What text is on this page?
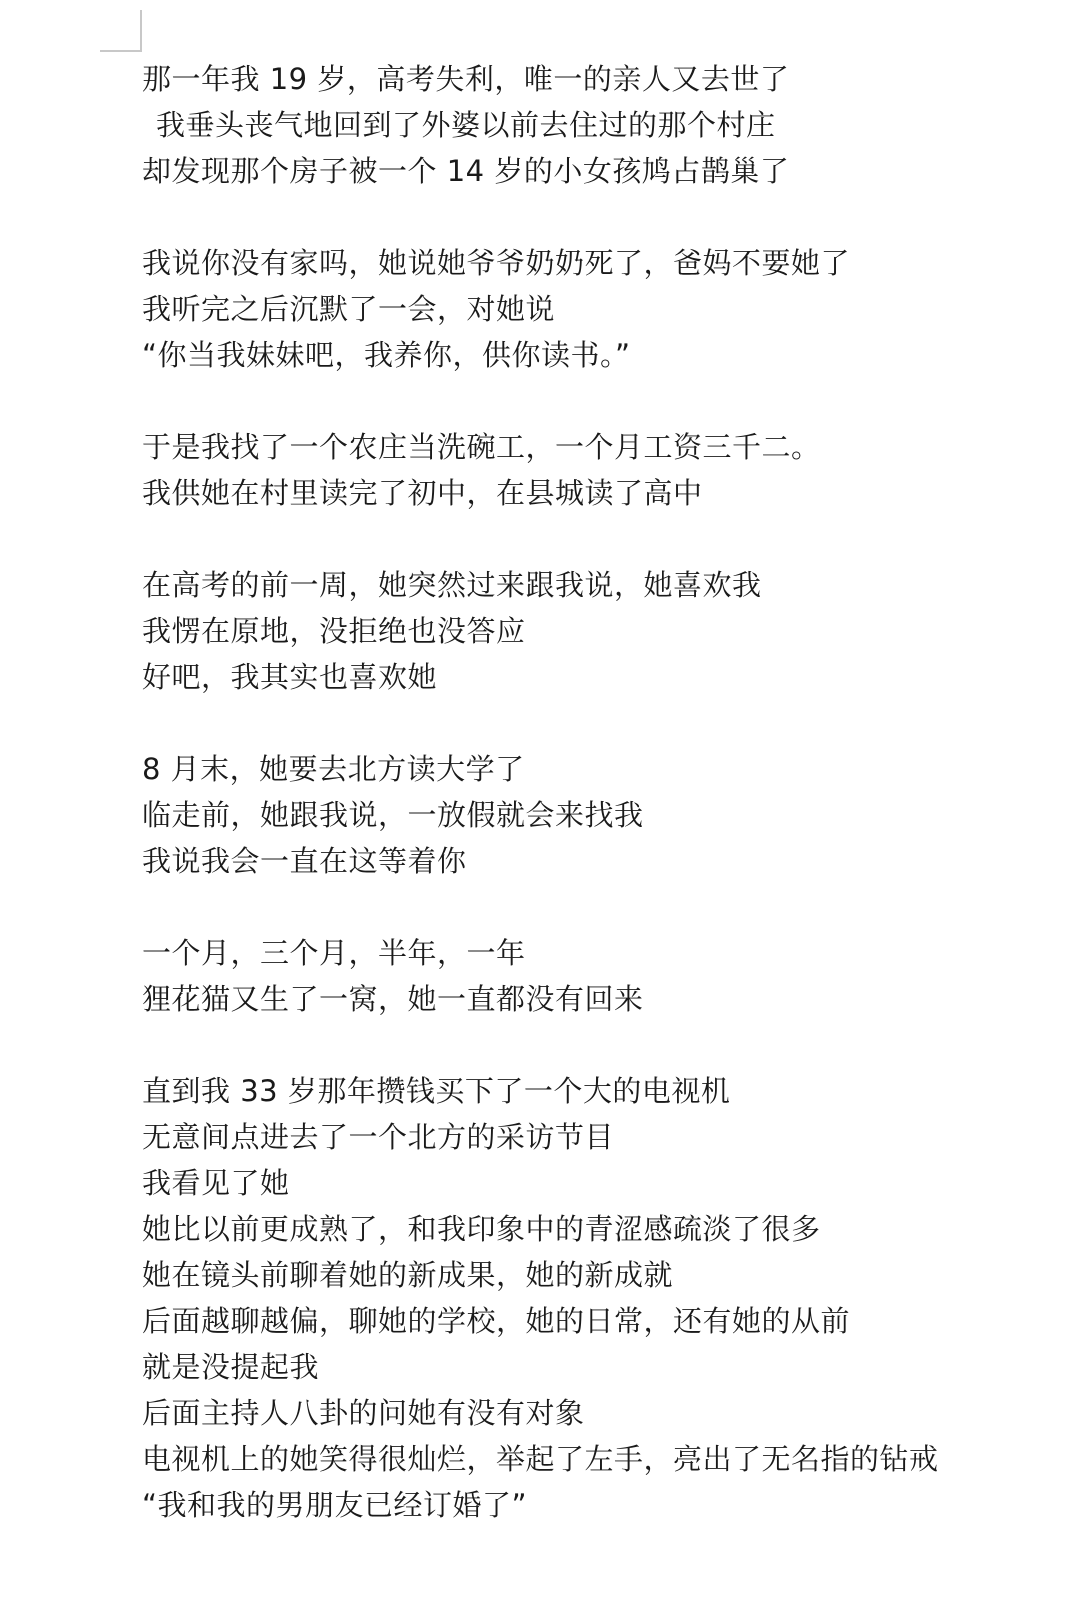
那一年我 19 岁，高考失利，唯一的亲人又去世了
我垂头丧气地回到了外婆以前去住过的那个村庄
却发现那个房子被一个 14 岁的小女孩鸠占鹊巢了
我说你没有家吗，她说她爷爷奶奶死了，爸妈不要她了
我听完之后沉默了一会，对她说
“你当我妹妹吧，我养你，供你读书。”
于是我找了一个农庄当洗碗工，一个月工资三千二。
我供她在村里读完了初中，在县城读了高中
在高考的前一周，她突然过来跟我说，她喜欢我
我愣在原地，没拒绝也没答应
好吧，我其实也喜欢她
8 月末，她要去北方读大学了
临走前，她跟我说，一放假就会来找我
我说我会一直在这等着你
一个月，三个月，半年，一年
狸花猫又生了一窝，她一直都没有回来
直到我 33 岁那年攒钱买下了一个大的电视机
无意间点进去了一个北方的采访节目
我看见了她
她比以前更成熟了，和我印象中的青涩感疏淡了很多
她在镜头前聊着她的新成果，她的新成就
后面越聊越偏，聊她的学校，她的日常，还有她的从前
就是没提起我
后面主持人八卦的问她有没有对象
电视机上的她笑得很灿烂，举起了左手，亮出了无名指的钻戒
“我和我的男朋友已经订婚了”
